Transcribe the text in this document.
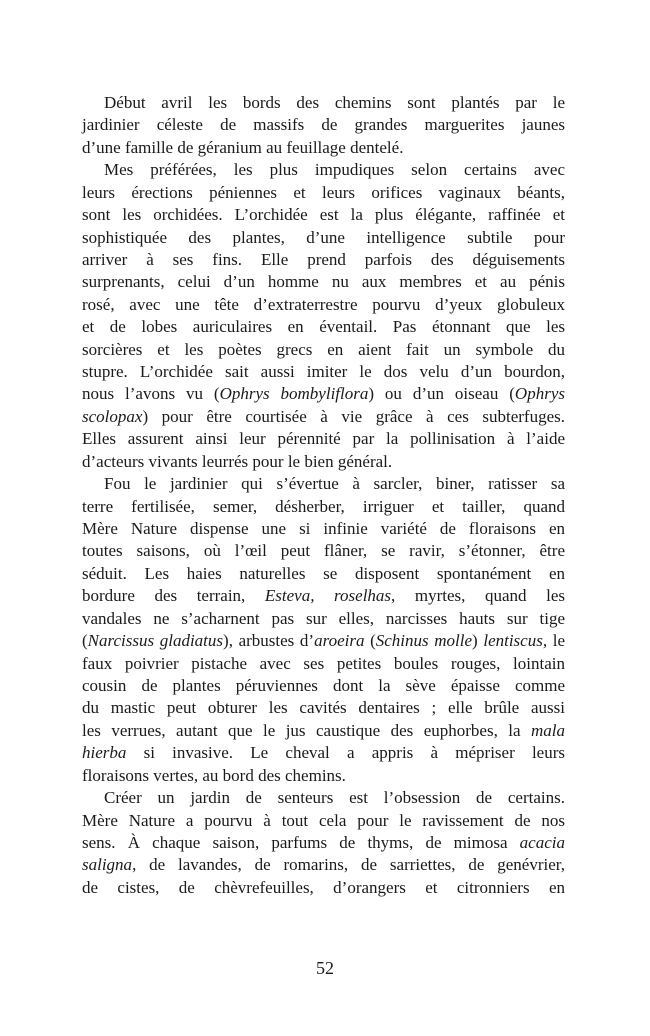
Début avril les bords des chemins sont plantés par le
jardinier céleste de massifs de grandes marguerites jaunes
d’une famille de géranium au feuillage dentelé.
Mes préférées, les plus impudiques selon certains avec
leurs érections péniennes et leurs orifices vaginaux béants,
sont les orchidées. L’orchidée est la plus élégante, raffinée et
sophistiquée des plantes, d’une intelligence subtile pour
arriver à ses fins. Elle prend parfois des déguisements
surprenants, celui d’un homme nu aux membres et au pénis
rosé, avec une tête d’extraterrestre pourvu d’yeux globuleux
et de lobes auriculaires en éventail. Pas étonnant que les
sorcières et les poètes grecs en aient fait un symbole du
stupre. L’orchidée sait aussi imiter le dos velu d’un bourdon,
nous l’avons vu (Ophrys bombyliflora) ou d’un oiseau (Ophrys
scolopax) pour être courtisée à vie grâce à ces subterfuges.
Elles assurent ainsi leur pérennité par la pollinisation à l’aide
d’acteurs vivants leurrés pour le bien général.
Fou le jardinier qui s’évertue à sarcler, biner, ratisser sa
terre fertilisée, semer, désherber, irriguer et tailler, quand
Mère Nature dispense une si infinie variété de floraisons en
toutes saisons, où l’œil peut flâner, se ravir, s’étonner, être
séduit. Les haies naturelles se disposent spontanément en
bordure des terrain, Esteva, roselhas, myrtes, quand les
vandales ne s’acharnent pas sur elles, narcisses hauts sur tige
(Narcissus gladiatus), arbustes d’aroeira (Schinus molle) lentiscus, le
faux poivrier pistache avec ses petites boules rouges, lointain
cousin de plantes péruviennes dont la sève épaisse comme
du mastic peut obturer les cavités dentaires ; elle brûle aussi
les verrues, autant que le jus caustique des euphorbes, la mala
hierba si invasive. Le cheval a appris à mépriser leurs
floraisons vertes, au bord des chemins.
Créer un jardin de senteurs est l’obsession de certains.
Mère Nature a pourvu à tout cela pour le ravissement de nos
sens. À chaque saison, parfums de thyms, de mimosa acacia
saligna, de lavandes, de romarins, de sarriettes, de genévrier,
de cistes, de chèvrefeuilles, d’orangers et citronniers en
52
